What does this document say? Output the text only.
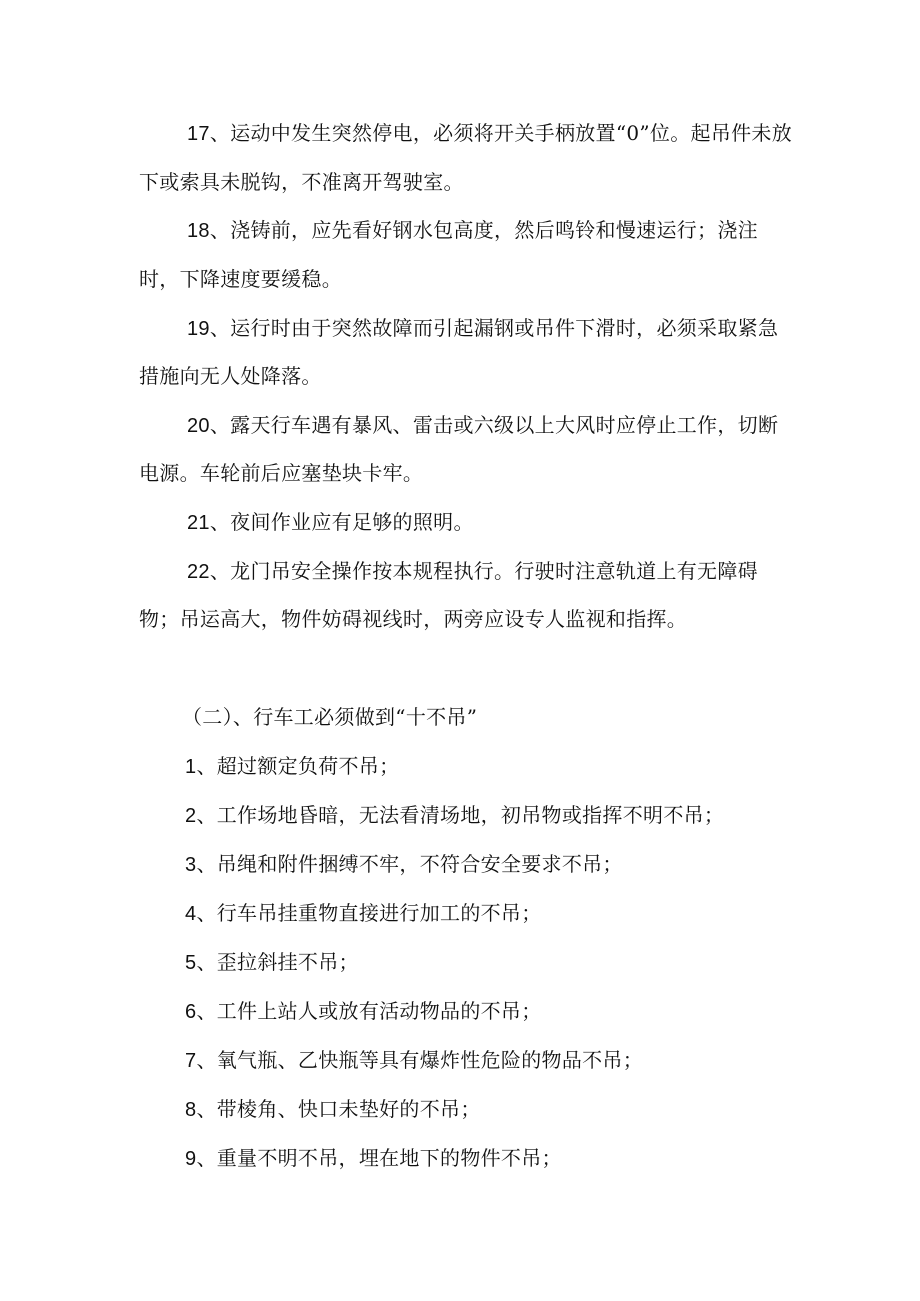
17、运动中发生突然停电，必须将开关手柄放置“0”位。起吊件未放
下或索具未脱钩，不准离开驾驶室。
18、浇铸前，应先看好钢水包高度，然后鸣铃和慢速运行；浇注
时，下降速度要缓稳。
19、运行时由于突然故障而引起漏钢或吊件下滑时，必须采取紧急
措施向无人处降落。
20、露天行车遇有暴风、雷击或六级以上大风时应停止工作，切断
电源。车轮前后应塞垫块卡牢。
21、夜间作业应有足够的照明。
22、龙门吊安全操作按本规程执行。行驶时注意轨道上有无障碍
物；吊运高大，物件妨碍视线时，两旁应设专人监视和指挥。
（二）、行车工必须做到“十不吊”
1、超过额定负荷不吊；
2、工作场地昏暗，无法看清场地，初吊物或指挥不明不吊；
3、吊绳和附件捆缚不牢，不符合安全要求不吊；
4、行车吊挂重物直接进行加工的不吊；
5、歪拉斜挂不吊；
6、工件上站人或放有活动物品的不吊；
7、氧气瓶、乙快瓶等具有爆炸性危险的物品不吊；
8、带棱角、快口未垫好的不吊；
9、重量不明不吊，埋在地下的物件不吊；
